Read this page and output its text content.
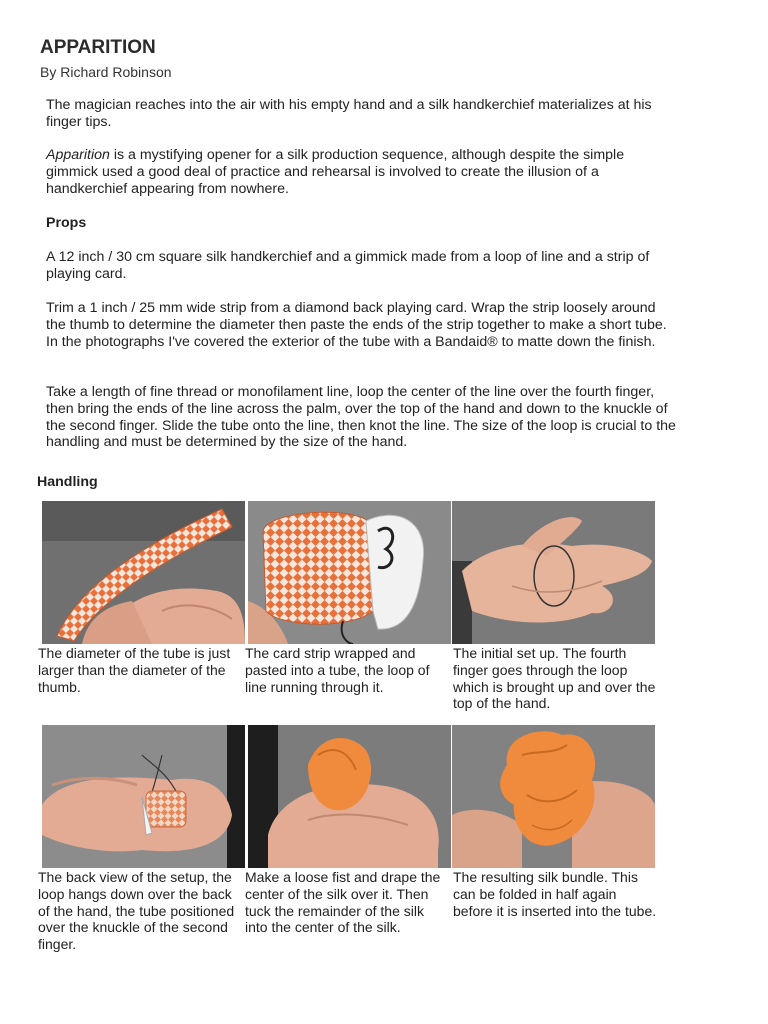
APPARITION
By Richard Robinson

The magician reaches into the air with his empty hand and a silk handkerchief materializes at his finger tips.

Apparition is a mystifying opener for a silk production sequence, although despite the simple gimmick used a good deal of practice and rehearsal is involved to create the illusion of a handkerchief appearing from nowhere.

Props

A 12 inch / 30 cm square silk handkerchief and a gimmick made from a loop of line and a strip of playing card.

Trim a 1 inch / 25 mm wide strip from a diamond back playing card. Wrap the strip loosely around the thumb to determine the diameter then paste the ends of the strip together to make a short tube. In the photographs I've covered the exterior of the tube with a Bandaid® to matte down the finish.

Take a length of fine thread or monofilament line, loop the center of the line over the fourth finger, then bring the ends of the line across the palm, over the top of the hand and down to the knuckle of the second finger. Slide the tube onto the line, then knot the line. The size of the loop is crucial to the handling and must be determined by the size of the hand.

Handling

The diameter of the tube is just larger than the diameter of the thumb.

The card strip wrapped and pasted into a tube, the loop of line running through it.

The initial set up. The fourth finger goes through the loop which is brought up and over the top of the hand.

The back view of the setup, the loop hangs down over the back of the hand, the tube positioned over the knuckle of the second finger.

Make a loose fist and drape the center of the silk over it. Then tuck the remainder of the silk into the center of the silk.

The resulting silk bundle. This can be folded in half again before it is inserted into the tube.
